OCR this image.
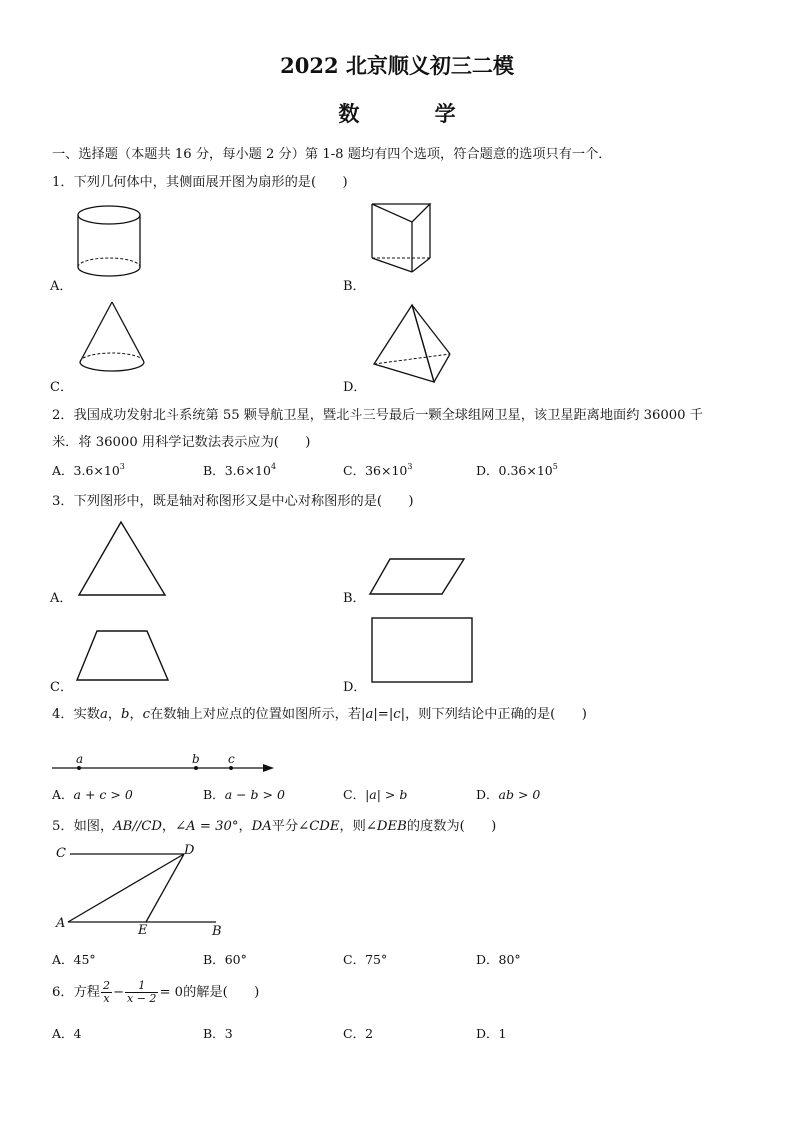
2022 北京顺义初三二模
数 学
一、选择题（本题共 16 分，每小题 2 分）第 1-8 题均有四个选项，符合题意的选项只有一个．
1．下列几何体中，其侧面展开图为扇形的是(　　)
A．	B．
C．	D．
2．我国成功发射北斗系统第 55 颗导航卫星，暨北斗三号最后一颗全球组网卫星，该卫星距离地面约 36000 千
米．将 36000 用科学记数法表示应为(　　)
A．$3.6\times 10^3$	B．$3.6\times 10^4$	C．$36\times 10^3$	D．$0.36\times 10^5$
3．下列图形中，既是轴对称图形又是中心对称图形的是(　　)
A．	B．
C．	D．
4．实数a，b，c在数轴上对应点的位置如图所示，若|a|=|c|，则下列结论中正确的是(　　)
a	b c
A．a + c > 0	B．a − b > 0	C．|a| > b	D．ab > 0
5．如图，AB//CD，∠A = 30°，DA平分∠CDE，则∠DEB的度数为(　　)
C	D
A	E	B
A．45°	B．60°	C．75°	D．80°
6．方程 $\frac{2}{x} - \frac{1}{x - 2} = 0$的解是(　　)
A．4	B．3	C．2	D．1
